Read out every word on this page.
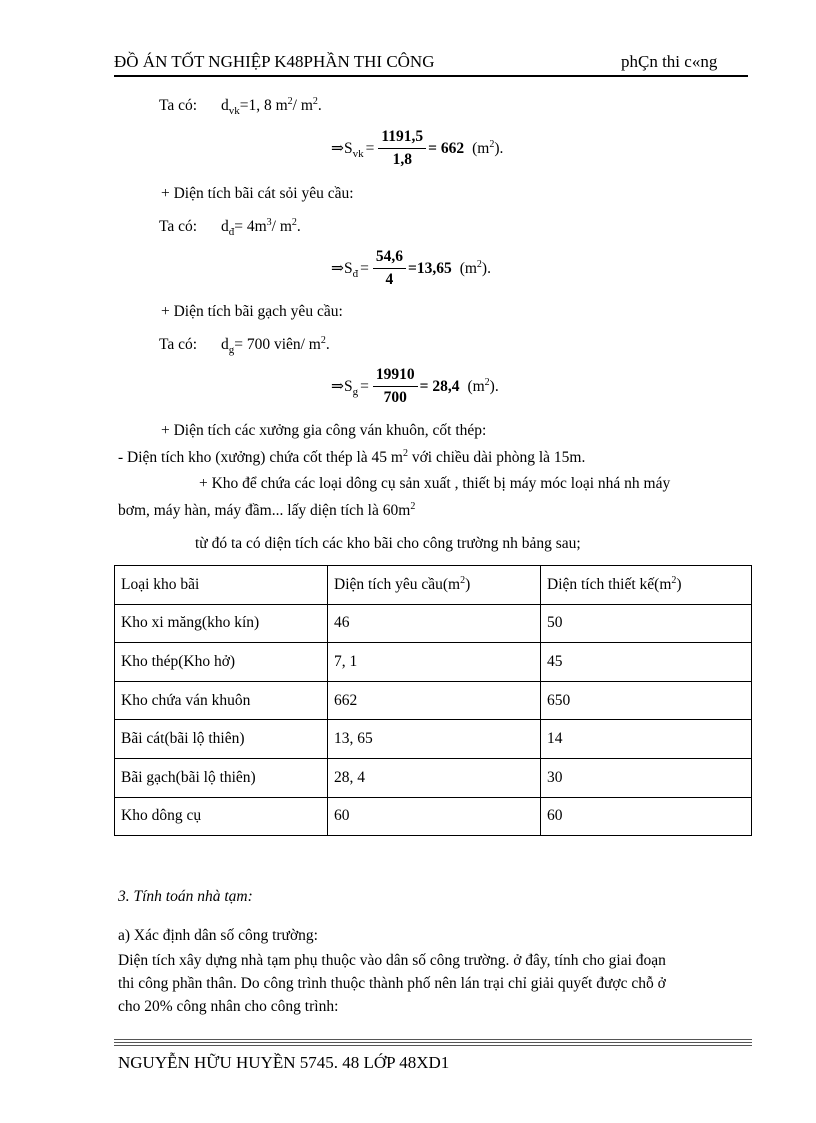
ĐỒ ÁN TỐT NGHIỆP K48PHẦN THI CÔNG	phÇn thi c«ng
Ta có: $d_{vk}=1$, 8 $m^2/$ $m^2$.
$\Rightarrow S_{vk} = \frac{1191,5}{1,8} = 662$ $(m^2)$.
+ Diện tích bãi cát sỏi yêu cầu:
Ta có: $d_đ= 4m^3/$ $m^2$.
$\Rightarrow S_đ = \frac{54,6}{4} =13,65$ $(m^2)$.
+ Diện tích bãi gạch yêu cầu:
Ta có: $d_g= 700$ viên/ $m^2$.
$\Rightarrow S_g = \frac{19910}{700} = 28,4$ $(m^2)$.
+ Diện tích các xưởng gia công ván khuôn, cốt thép:
- Diện tích kho (xưởng) chứa cốt thép là 45 $m^2$ với chiều dài phòng là 15m.
+ Kho để chứa các loại dông cụ sản xuất , thiết bị máy móc loại nhá nh máy
bơm, máy hàn, máy đầm... lấy diện tích là $60m^2$
từ đó ta có diện tích các kho bãi cho công trường nh bảng sau;
Loại kho bãi	Diện tích yêu $cầu(m^2)$	Diện tích thiết $kế(m^2)$
Kho xi măng(kho kín)	46	50
Kho thép(Kho hở)	7, 1	45
Kho chứa ván khuôn	662	650
Bãi cát(bãi lộ thiên)	13, 65	14
Bãi gạch(bãi lộ thiên)	28, 4	30
Kho dông cụ	60	60
3. Tính toán nhà tạm:
a) Xác định dân số công trường:
Diện tích xây dựng nhà tạm phụ thuộc vào dân số công trường. ở đây, tính cho giai đoạn
thi công phần thân. Do công trình thuộc thành phố nên lán trại chỉ giải quyết được chỗ ở
cho 20% công nhân cho công trình:
NGUYỄN HỮU HUYỀN 5745. 48 LỚP 48XD1
